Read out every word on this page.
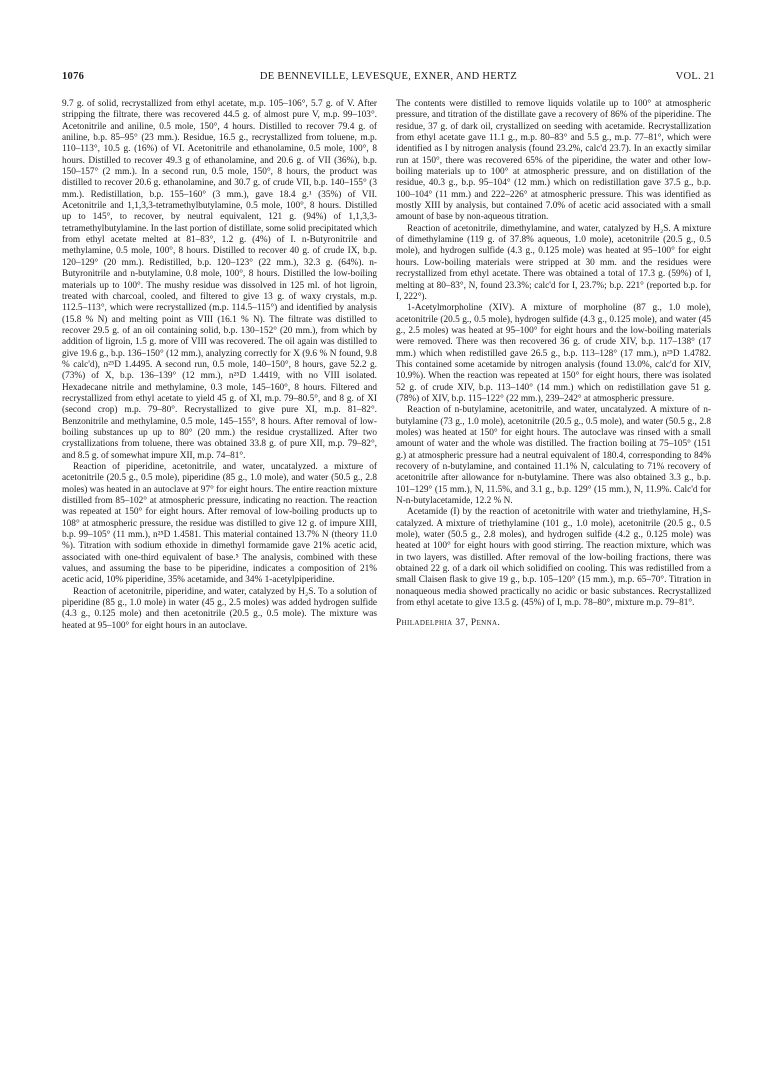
1076	DE BENNEVILLE, LEVESQUE, EXNER, AND HERTZ	VOL. 21

9.7 g. of solid, recrystallized from ethyl acetate, m.p. 105–106°, 5.7 g. of V. After stripping the filtrate, there was recovered 44.5 g. of almost pure V, m.p. 99–103°. Acetonitrile and aniline, 0.5 mole, 150°, 4 hours. Distilled to recover 79.4 g. of aniline, b.p. 85–95° (23 mm.). Residue, 16.5 g., recrystallized from toluene, m.p. 110–113°, 10.5 g. (16%) of VI. Acetonitrile and ethanolamine, 0.5 mole, 100°, 8 hours. Distilled to recover 49.3 g of ethanolamine, and 20.6 g. of VII (36%), b.p. 150–157° (2 mm.). In a second run, 0.5 mole, 150°, 8 hours, the product was distilled to recover 20.6 g. ethanolamine, and 30.7 g. of crude VII, b.p. 140–155° (3 mm.). Redistillation, b.p. 155–160° (3 mm.), gave 18.4 g.¹ (35%) of VII. Acetonitrile and 1,1,3,3-tetramethylbutylamine, 0.5 mole, 100°, 8 hours. Distilled up to 145°, to recover, by neutral equivalent, 121 g. (94%) of 1,1,3,3-tetramethylbutylamine. In the last portion of distillate, some solid precipitated which from ethyl acetate melted at 81–83°, 1.2 g. (4%) of I. n-Butyronitrile and methylamine, 0.5 mole, 100°, 8 hours. Distilled to recover 40 g. of crude IX, b.p. 120–129° (20 mm.). Redistilled, b.p. 120–123° (22 mm.), 32.3 g. (64%). n-Butyronitrile and n-butylamine, 0.8 mole, 100°, 8 hours. Distilled the low-boiling materials up to 100°. The mushy residue was dissolved in 125 ml. of hot ligroin, treated with charcoal, cooled, and filtered to give 13 g. of waxy crystals, m.p. 112.5–113°, which were recrystallized (m.p. 114.5–115°) and identified by analysis (15.8 % N) and melting point as VIII (16.1 % N). The filtrate was distilled to recover 29.5 g. of an oil containing solid, b.p. 130–152° (20 mm.), from which by addition of ligroin, 1.5 g. more of VIII was recovered. The oil again was distilled to give 19.6 g., b.p. 136–150° (12 mm.), analyzing correctly for X (9.6 % N found, 9.8 % calc'd), n²⁵D 1.4495. A second run, 0.5 mole, 140–150°, 8 hours, gave 52.2 g. (73%) of X, b.p. 136–139° (12 mm.), n²⁵D 1.4419, with no VIII isolated. Hexadecane nitrile and methylamine, 0.3 mole, 145–160°, 8 hours. Filtered and recrystallized from ethyl acetate to yield 45 g. of XI, m.p. 79–80.5°, and 8 g. of XI (second crop) m.p. 79–80°. Recrystallized to give pure XI, m.p. 81–82°. Benzonitrile and methylamine, 0.5 mole, 145–155°, 8 hours. After removal of low-boiling substances up up to 80° (20 mm.) the residue crystallized. After two crystallizations from toluene, there was obtained 33.8 g. of pure XII, m.p. 79–82°, and 8.5 g. of somewhat impure XII, m.p. 74–81°.

Reaction of piperidine, acetonitrile, and water, uncatalyzed. a mixture of acetonitrile (20.5 g., 0.5 mole), piperidine (85 g., 1.0 mole), and water (50.5 g., 2.8 moles) was heated in an autoclave at 97° for eight hours. The entire reaction mixture distilled from 85–102° at atmospheric pressure, indicating no reaction. The reaction was repeated at 150° for eight hours. After removal of low-boiling products up to 108° at atmospheric pressure, the residue was distilled to give 12 g. of impure XIII, b.p. 99–105° (11 mm.), n²⁵D 1.4581. This material contained 13.7% N (theory 11.0 %). Titration with sodium ethoxide in dimethyl formamide gave 21% acetic acid, associated with one-third equivalent of base.⁵ The analysis, combined with these values, and assuming the base to be piperidine, indicates a composition of 21% acetic acid, 10% piperidine, 35% acetamide, and 34% 1-acetylpiperidine.

Reaction of acetonitrile, piperidine, and water, catalyzed by H₂S. To a solution of piperidine (85 g., 1.0 mole) in water (45 g., 2.5 moles) was added hydrogen sulfide (4.3 g., 0.125 mole) and then acetonitrile (20.5 g., 0.5 mole). The mixture was heated at 95–100° for eight hours in an autoclave.

The contents were distilled to remove liquids volatile up to 100° at atmospheric pressure, and titration of the distillate gave a recovery of 86% of the piperidine. The residue, 37 g. of dark oil, crystallized on seeding with acetamide. Recrystallization from ethyl acetate gave 11.1 g., m.p. 80–83° and 5.5 g., m.p. 77–81°, which were identified as I by nitrogen analysis (found 23.2%, calc'd 23.7). In an exactly similar run at 150°, there was recovered 65% of the piperidine, the water and other low-boiling materials up to 100° at atmospheric pressure, and on distillation of the residue, 40.3 g., b.p. 95–104° (12 mm.) which on redistillation gave 37.5 g., b.p. 100–104° (11 mm.) and 222–226° at atmospheric pressure. This was identified as mostly XIII by analysis, but contained 7.0% of acetic acid associated with a small amount of base by non-aqueous titration.

Reaction of acetonitrile, dimethylamine, and water, catalyzed by H₂S. A mixture of dimethylamine (119 g. of 37.8% aqueous, 1.0 mole), acetonitrile (20.5 g., 0.5 mole), and hydrogen sulfide (4.3 g., 0.125 mole) was heated at 95–100° for eight hours. Low-boiling materials were stripped at 30 mm. and the residues were recrystallized from ethyl acetate. There was obtained a total of 17.3 g. (59%) of I, melting at 80–83°, N, found 23.3%; calc'd for I, 23.7%; b.p. 221° (reported b.p. for I, 222°).

1-Acetylmorpholine (XIV). A mixture of morpholine (87 g., 1.0 mole), acetonitrile (20.5 g., 0.5 mole), hydrogen sulfide (4.3 g., 0.125 mole), and water (45 g., 2.5 moles) was heated at 95–100° for eight hours and the low-boiling materials were removed. There was then recovered 36 g. of crude XIV, b.p. 117–138° (17 mm.) which when redistilled gave 26.5 g., b.p. 113–128° (17 mm.), n²⁵D 1.4782. This contained some acetamide by nitrogen analysis (found 13.0%, calc'd for XIV, 10.9%). When the reaction was repeated at 150° for eight hours, there was isolated 52 g. of crude XIV, b.p. 113–140° (14 mm.) which on redistillation gave 51 g. (78%) of XIV, b.p. 115–122° (22 mm.), 239–242° at atmospheric pressure.

Reaction of n-butylamine, acetonitrile, and water, uncatalyzed. A mixture of n-butylamine (73 g., 1.0 mole), acetonitrile (20.5 g., 0.5 mole), and water (50.5 g., 2.8 moles) was heated at 150° for eight hours. The autoclave was rinsed with a small amount of water and the whole was distilled. The fraction boiling at 75–105° (151 g.) at atmospheric pressure had a neutral equivalent of 180.4, corresponding to 84% recovery of n-butylamine, and contained 11.1% N, calculating to 71% recovery of acetonitrile after allowance for n-butylamine. There was also obtained 3.3 g., b.p. 101–129° (15 mm.), N, 11.5%, and 3.1 g., b.p. 129° (15 mm.), N, 11.9%. Calc'd for N-n-butylacetamide, 12.2 % N.

Acetamide (I) by the reaction of acetonitrile with water and triethylamine, H₂S-catalyzed. A mixture of triethylamine (101 g., 1.0 mole), acetonitrile (20.5 g., 0.5 mole), water (50.5 g., 2.8 moles), and hydrogen sulfide (4.2 g., 0.125 mole) was heated at 100° for eight hours with good stirring. The reaction mixture, which was in two layers, was distilled. After removal of the low-boiling fractions, there was obtained 22 g. of a dark oil which solidified on cooling. This was redistilled from a small Claisen flask to give 19 g., b.p. 105–120° (15 mm.), m.p. 65–70°. Titration in nonaqueous media showed practically no acidic or basic substances. Recrystallized from ethyl acetate to give 13.5 g. (45%) of I, m.p. 78–80°, mixture m.p. 79–81°.

Philadelphia 37, Penna.
